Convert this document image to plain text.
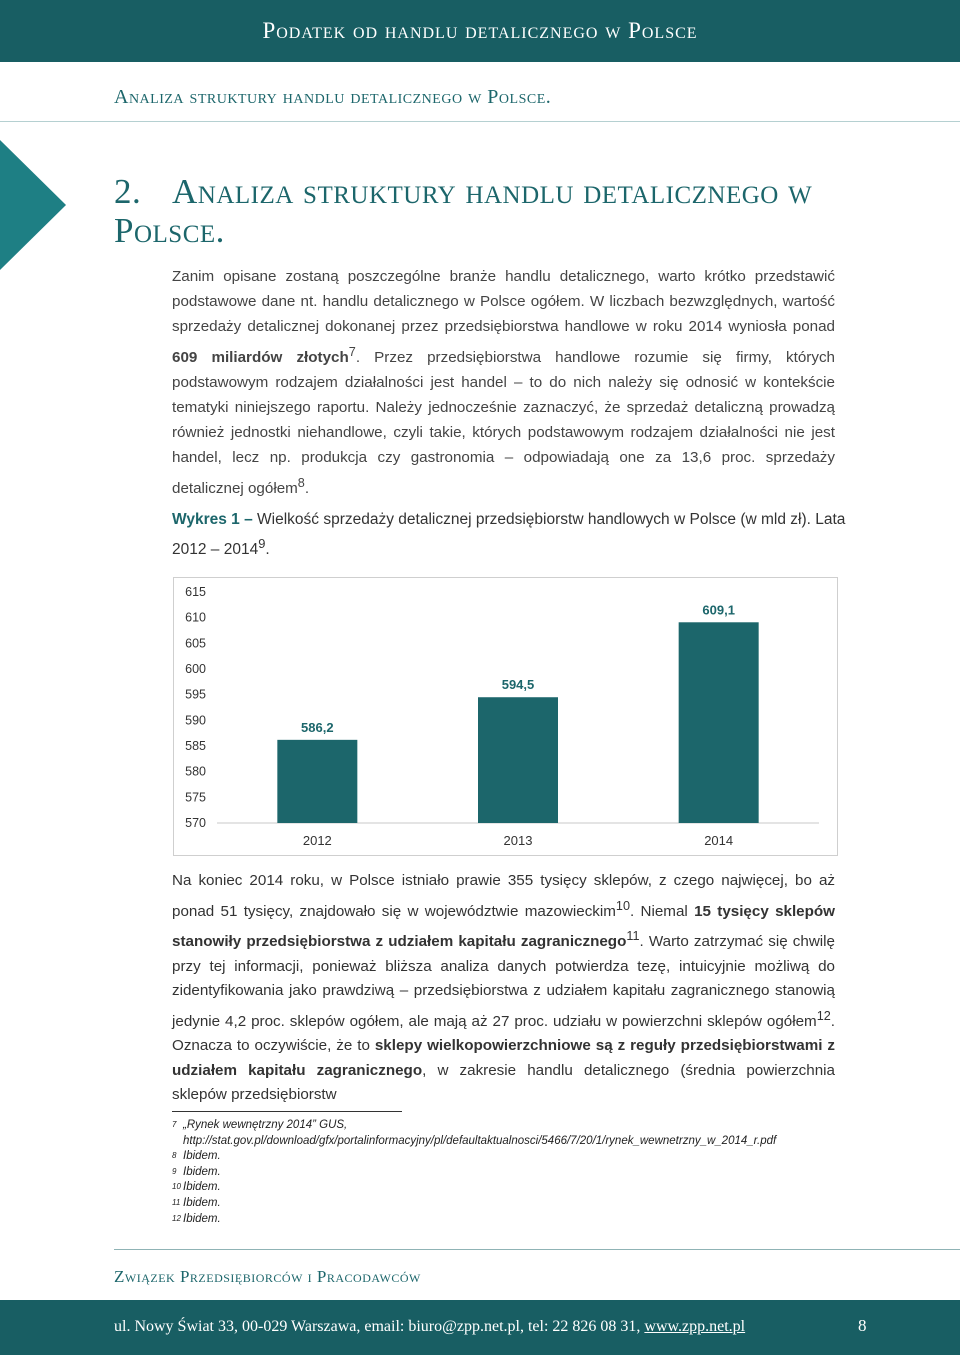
Podatek od handlu detalicznego w Polsce
Analiza struktury handlu detalicznego w Polsce.
2. Analiza struktury handlu detalicznego w Polsce.
Zanim opisane zostaną poszczególne branże handlu detalicznego, warto krótko przedstawić podstawowe dane nt. handlu detalicznego w Polsce ogółem. W liczbach bezwzględnych, wartość sprzedaży detalicznej dokonanej przez przedsiębiorstwa handlowe w roku 2014 wyniosła ponad 609 miliardów złotych$^7$. Przez przedsiębiorstwa handlowe rozumie się firmy, których podstawowym rodzajem działalności jest handel – to do nich należy się odnosić w kontekście tematyki niniejszego raportu. Należy jednocześnie zaznaczyć, że sprzedaż detaliczną prowadzą również jednostki niehandlowe, czyli takie, których podstawowym rodzajem działalności nie jest handel, lecz np. produkcja czy gastronomia – odpowiadają one za 13,6 proc. sprzedaży detalicznej ogółem$^8$.
Wykres 1 – Wielkość sprzedaży detalicznej przedsiębiorstw handlowych w Polsce (w mld zł). Lata 2012 – 2014$^9$.
570
575
580
585
590
595
600
605
610
615
586,2
2012
594,5
2013
609,1
2014
Na koniec 2014 roku, w Polsce istniało prawie 355 tysięcy sklepów, z czego najwięcej, bo aż ponad 51 tysięcy, znajdowało się w województwie mazowieckim$^{10}$. Niemal 15 tysięcy sklepów stanowiły przedsiębiorstwa z udziałem kapitału zagranicznego$^{11}$. Warto zatrzymać się chwilę przy tej informacji, ponieważ bliższa analiza danych potwierdza tezę, intuicyjnie możliwą do zidentyfikowania jako prawdziwą – przedsiębiorstwa z udziałem kapitału zagranicznego stanowią jedynie 4,2 proc. sklepów ogółem, ale mają aż 27 proc. udziału w powierzchni sklepów ogółem$^{12}$. Oznacza to oczywiście, że to sklepy wielkopowierzchniowe są z reguły przedsiębiorstwami z udziałem kapitału zagranicznego, w zakresie handlu detalicznego (średnia powierzchnia sklepów przedsiębiorstw
7 „Rynek wewnętrzny 2014” GUS,
http://stat.gov.pl/download/gfx/portalinformacyjny/pl/defaultaktualnosci/5466/7/20/1/rynek_wewnetrzny_w_2014_r.pdf
8 Ibidem.
9 Ibidem.
10 Ibidem.
11 Ibidem.
12 Ibidem.
Związek Przedsiębiorców i Pracodawców
ul. Nowy Świat 33, 00-029 Warszawa, email: biuro@zpp.net.pl, tel: 22 826 08 31, www.zpp.net.pl	8
